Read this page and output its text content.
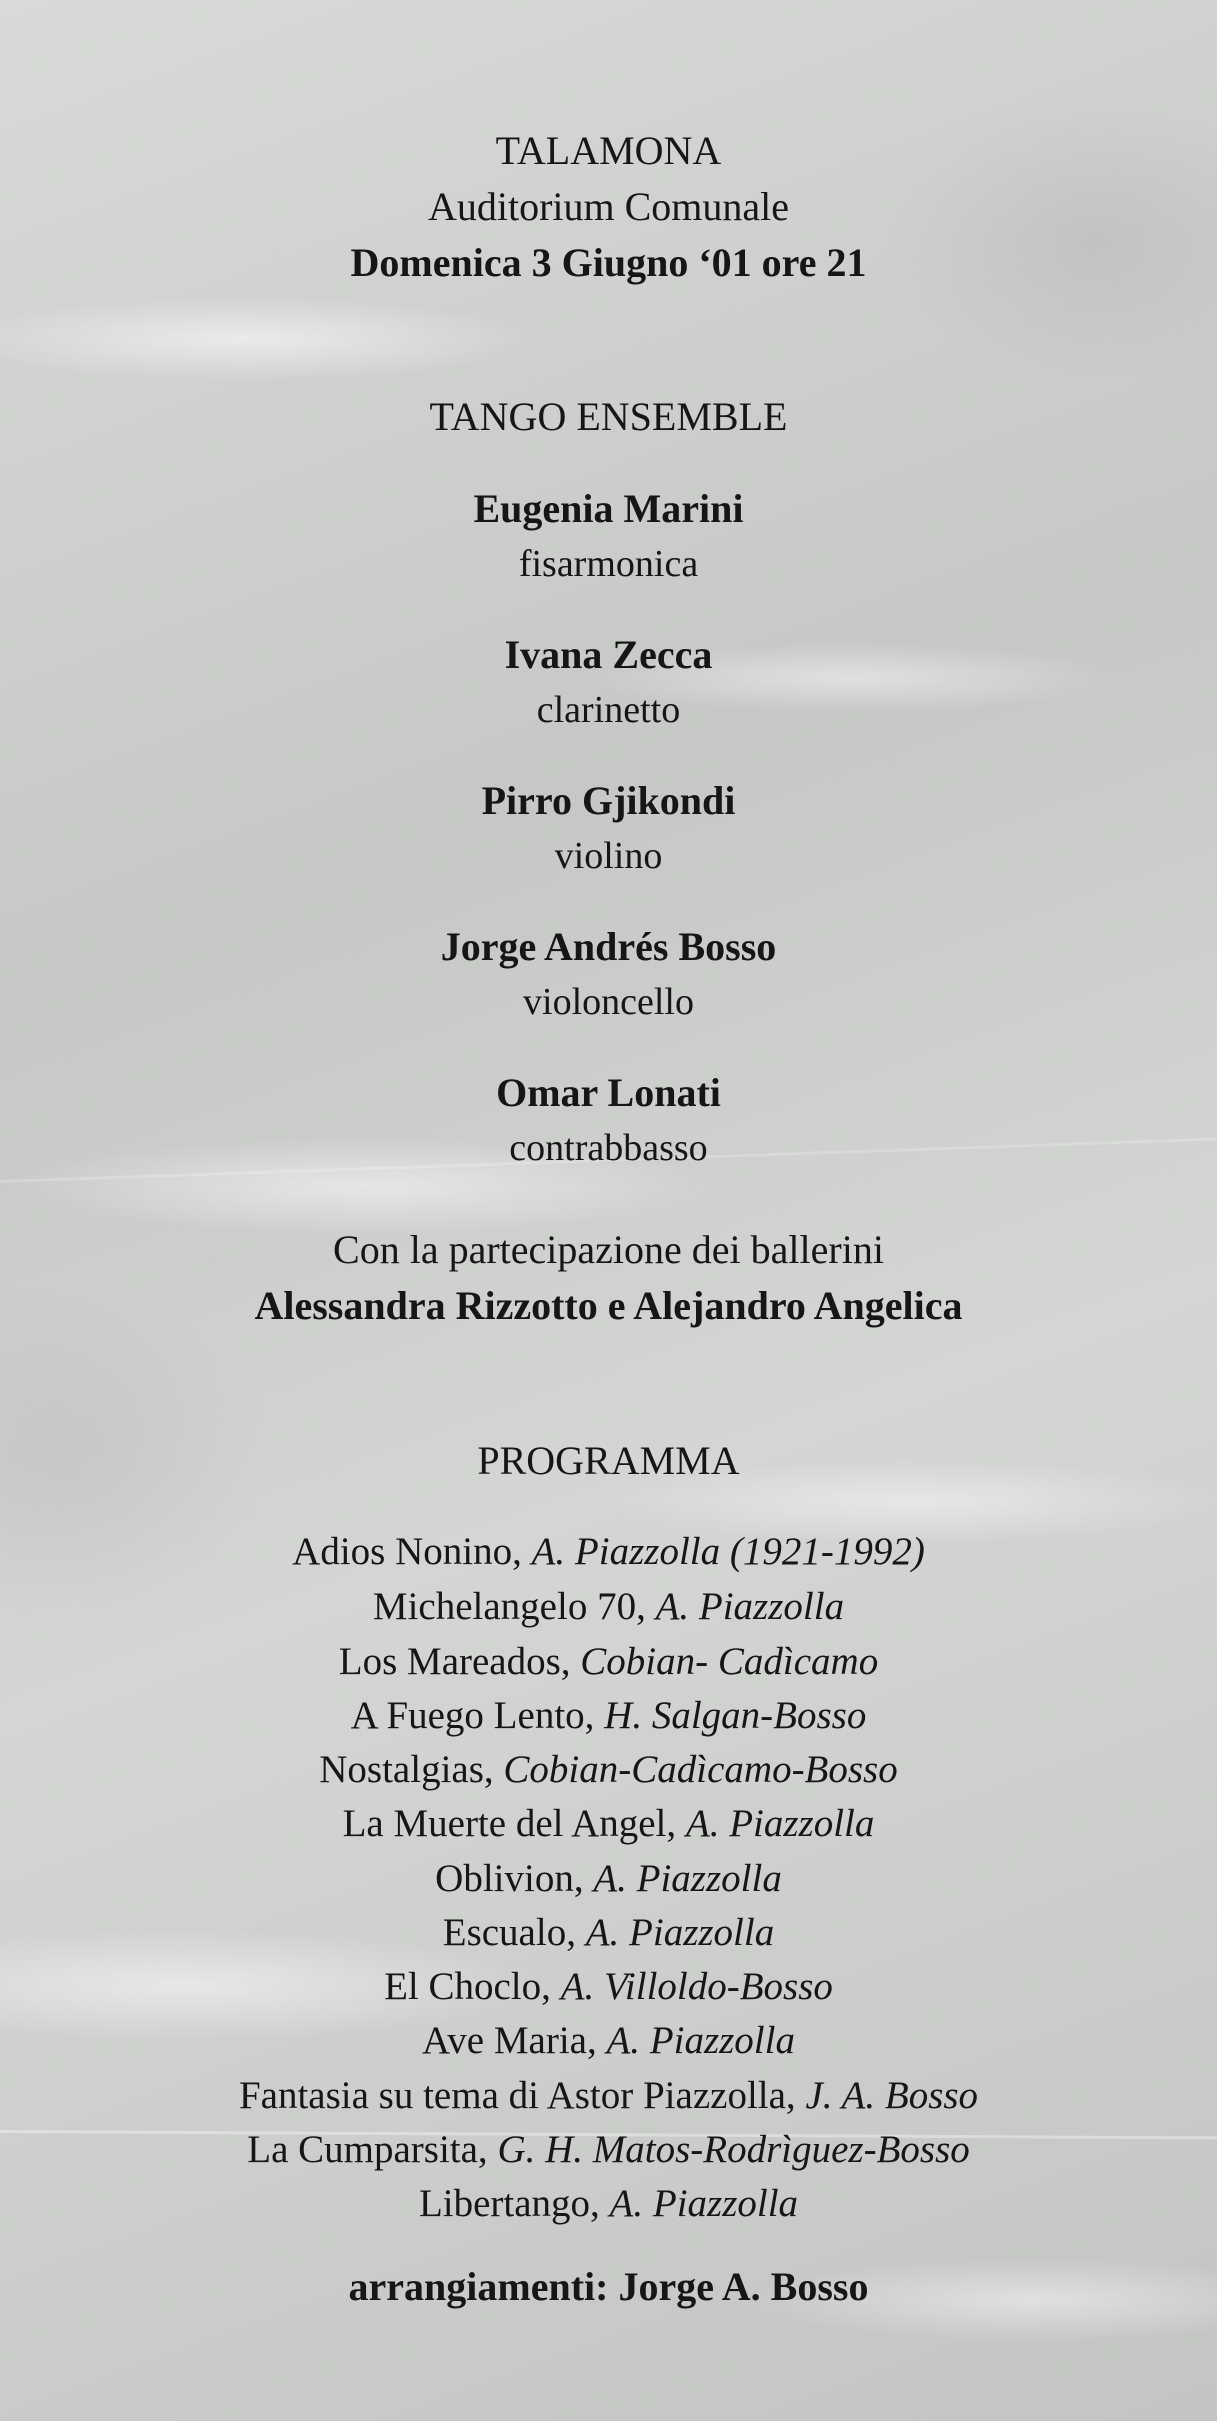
TALAMONA
Auditorium Comunale
Domenica 3 Giugno ‘01 ore 21
TANGO ENSEMBLE
Eugenia Marini
fisarmonica
Ivana Zecca
clarinetto
Pirro Gjikondi
violino
Jorge Andrés Bosso
violoncello
Omar Lonati
contrabbasso
Con la partecipazione dei ballerini
Alessandra Rizzotto e Alejandro Angelica
PROGRAMMA
Adios Nonino, A. Piazzolla (1921-1992)
Michelangelo 70, A. Piazzolla
Los Mareados, Cobian- Cadìcamo
A Fuego Lento, H. Salgan-Bosso
Nostalgias, Cobian-Cadìcamo-Bosso
La Muerte del Angel, A. Piazzolla
Oblivion, A. Piazzolla
Escualo, A. Piazzolla
El Choclo, A. Villoldo-Bosso
Ave Maria, A. Piazzolla
Fantasia su tema di Astor Piazzolla, J. A. Bosso
La Cumparsita, G. H. Matos-Rodrìguez-Bosso
Libertango, A. Piazzolla
arrangiamenti: Jorge A. Bosso
